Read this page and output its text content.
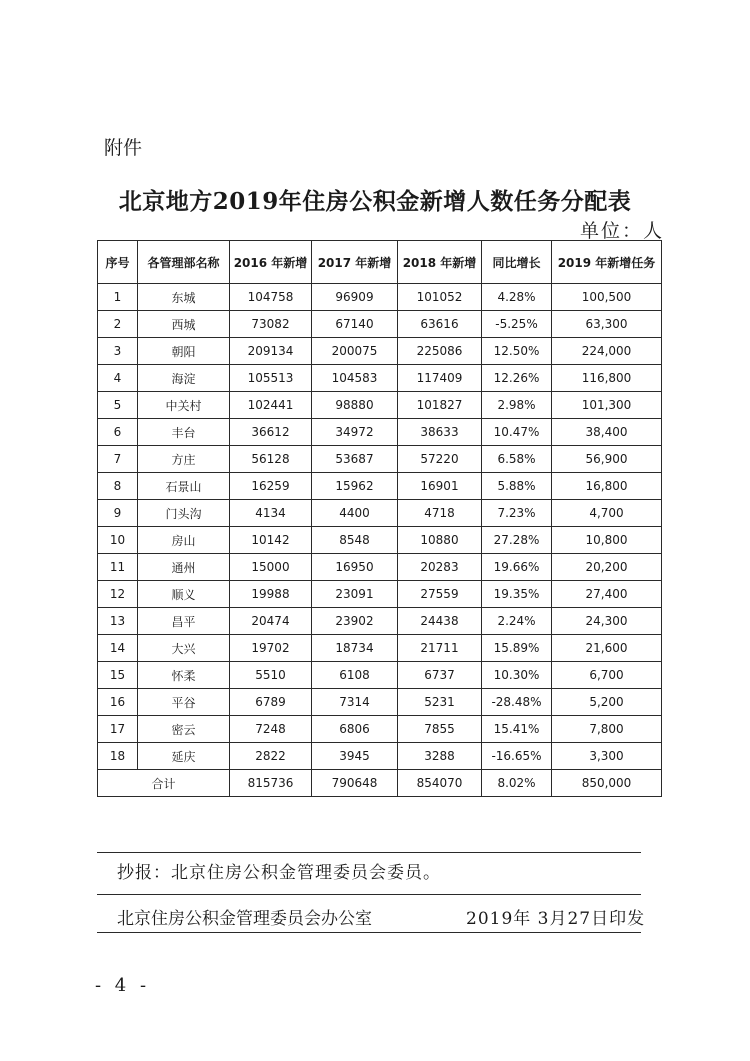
附件
北京地方2019年住房公积金新增人数任务分配表
单位：人
序号	各管理部名称	2016 年新增	2017 年新增	2018 年新增	同比增长	2019 年新增任务
1	东城	104758	96909	101052	4.28%	100,500
2	西城	73082	67140	63616	-5.25%	63,300
3	朝阳	209134	200075	225086	12.50%	224,000
4	海淀	105513	104583	117409	12.26%	116,800
5	中关村	102441	98880	101827	2.98%	101,300
6	丰台	36612	34972	38633	10.47%	38,400
7	方庄	56128	53687	57220	6.58%	56,900
8	石景山	16259	15962	16901	5.88%	16,800
9	门头沟	4134	4400	4718	7.23%	4,700
10	房山	10142	8548	10880	27.28%	10,800
11	通州	15000	16950	20283	19.66%	20,200
12	顺义	19988	23091	27559	19.35%	27,400
13	昌平	20474	23902	24438	2.24%	24,300
14	大兴	19702	18734	21711	15.89%	21,600
15	怀柔	5510	6108	6737	10.30%	6,700
16	平谷	6789	7314	5231	-28.48%	5,200
17	密云	7248	6806	7855	15.41%	7,800
18	延庆	2822	3945	3288	-16.65%	3,300
合计		815736	790648	854070	8.02%	850,000
抄报：北京住房公积金管理委员会委员。
北京住房公积金管理委员会办公室	2019年 3月27日印发
- 4 -
